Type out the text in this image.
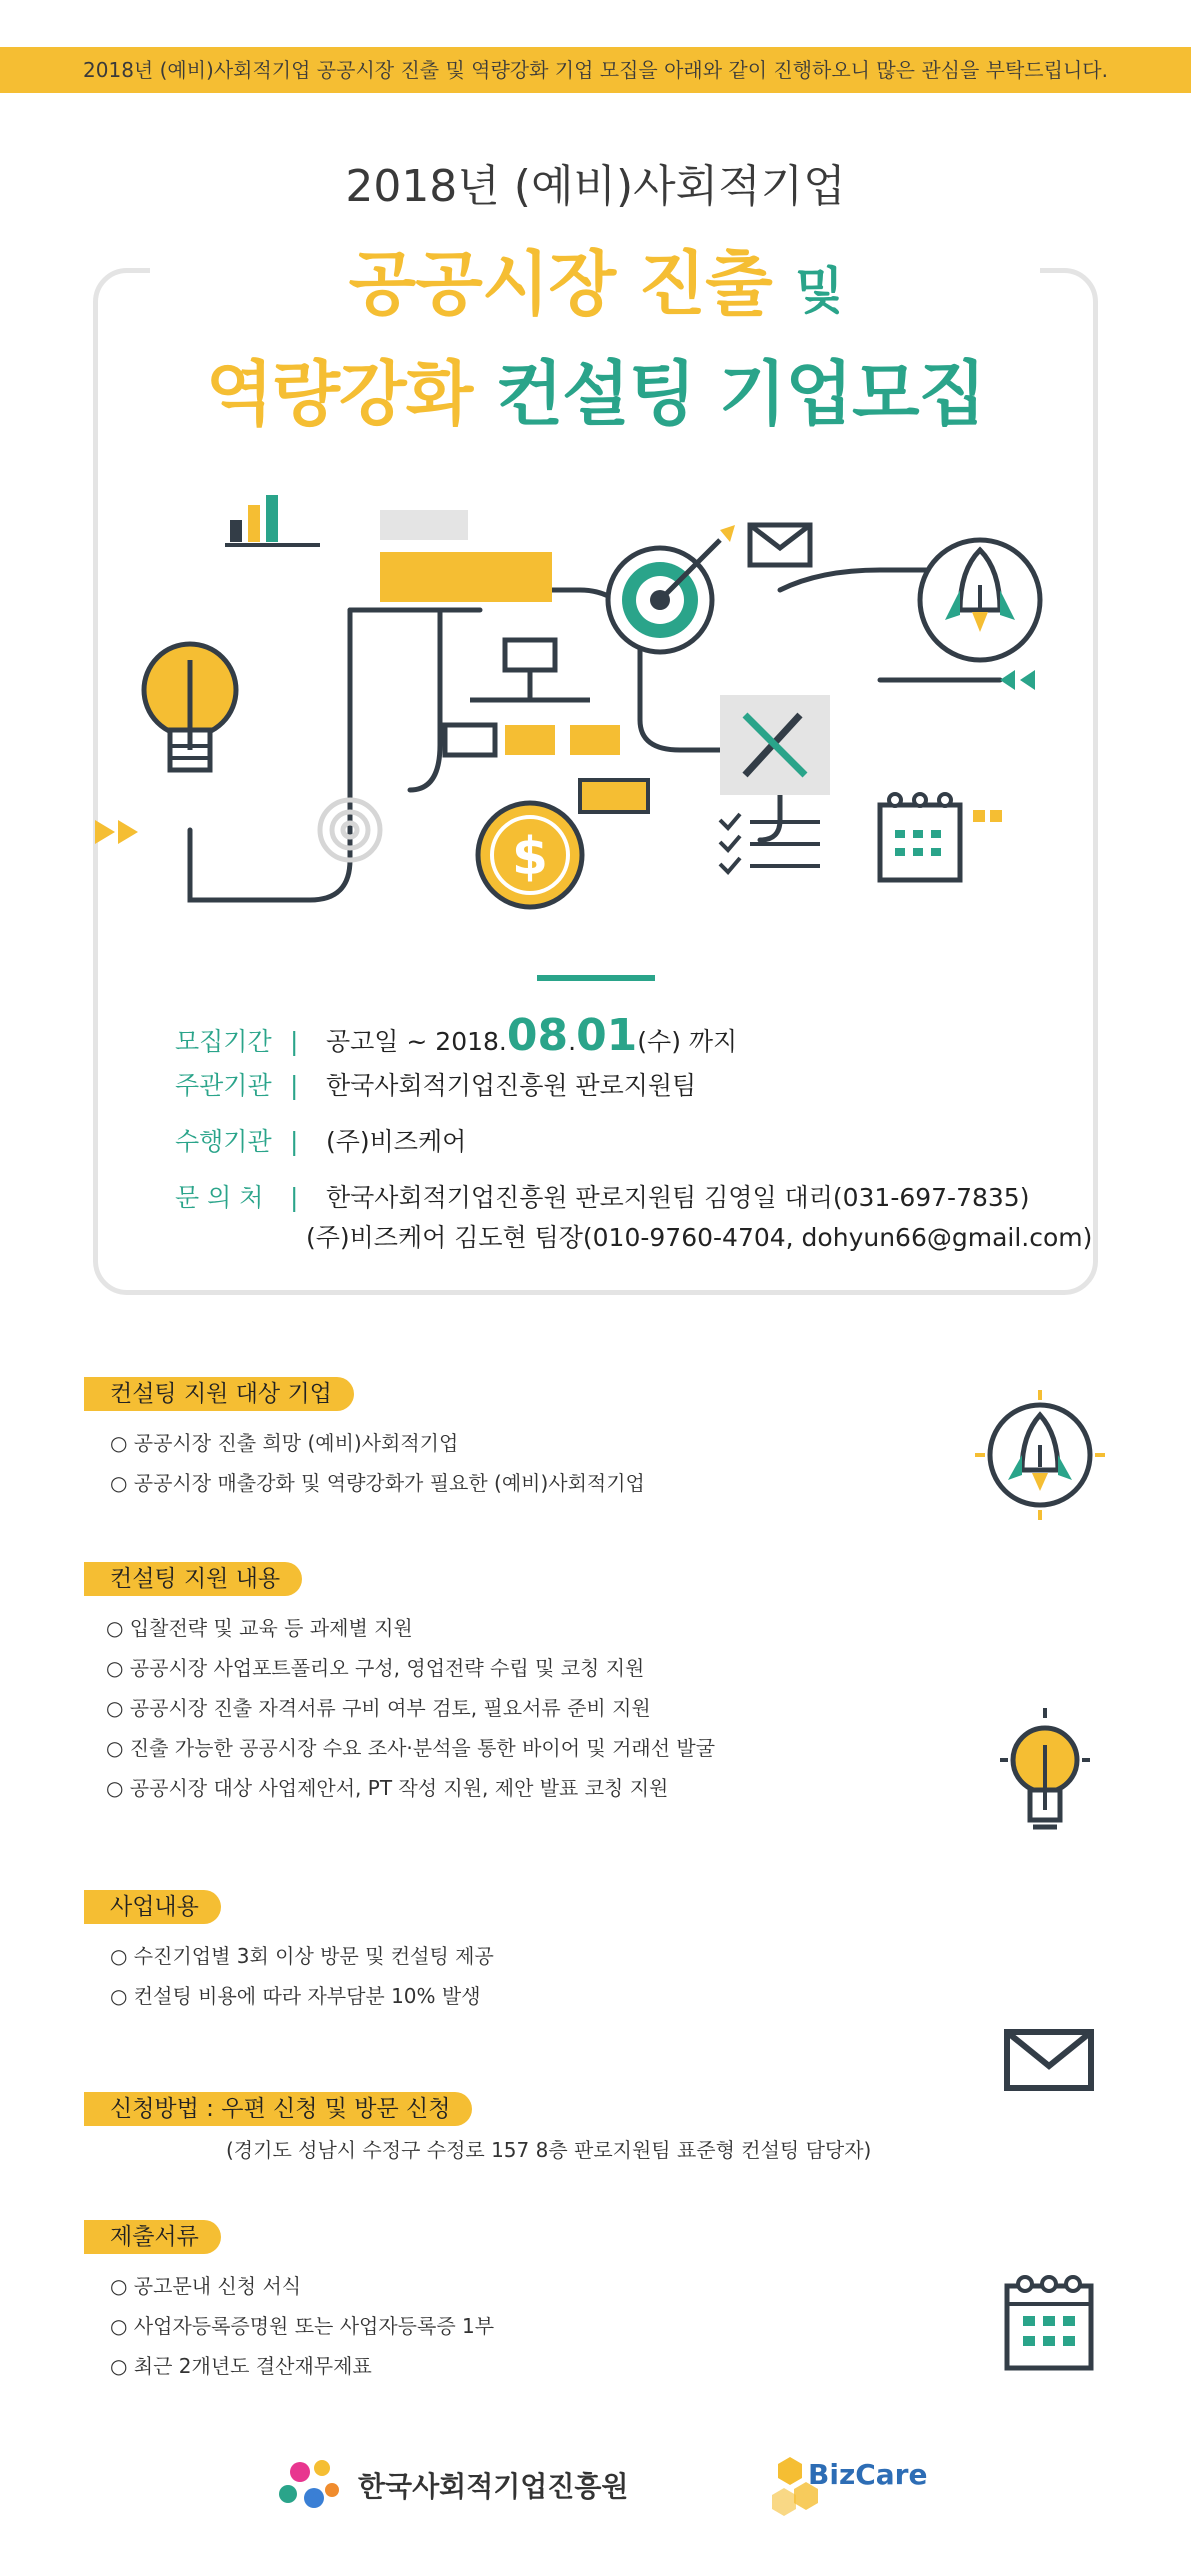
2018년 (예비)사회적기업 공공시장 진출 및 역량강화 기업 모집을 아래와 같이 진행하오니 많은 관심을 부탁드립니다.
2018년 (예비)사회적기업
공공시장 진출 및
역량강화 컨설팅 기업모집
$
모집기간 |	공고일 ~ 2018. 08 . 01 (수) 까지
주관기관 |	한국사회적기업진흥원 판로지원팀
수행기관 |	(주)비즈케어
문 의 처	|	한국사회적기업진흥원 판로지원팀 김영일 대리(031-697-7835)
(주)비즈케어 김도현 팀장(010-9760-4704, dohyun66@gmail.com)
컨설팅 지원 대상 기업
○ 공공시장 진출 희망 (예비)사회적기업
○ 공공시장 매출강화 및 역량강화가 필요한 (예비)사회적기업
컨설팅 지원 내용
○ 입찰전략 및 교육 등 과제별 지원
○ 공공시장 사업포트폴리오 구성, 영업전략 수립 및 코칭 지원
○ 공공시장 진출 자격서류 구비 여부 검토, 필요서류 준비 지원
○ 진출 가능한 공공시장 수요 조사·분석을 통한 바이어 및 거래선 발굴
○ 공공시장 대상 사업제안서, PT 작성 지원, 제안 발표 코칭 지원
사업내용
○ 수진기업별 3회 이상 방문 및 컨설팅 제공
○ 컨설팅 비용에 따라 자부담분 10% 발생
신청방법 : 우편 신청 및 방문 신청
(경기도 성남시 수정구 수정로 157 8층 판로지원팀 표준형 컨설팅 담당자)
제출서류
○ 공고문내 신청 서식
○ 사업자등록증명원 또는 사업자등록증 1부
○ 최근 2개년도 결산재무제표
한국사회적기업진흥원	BizCare
